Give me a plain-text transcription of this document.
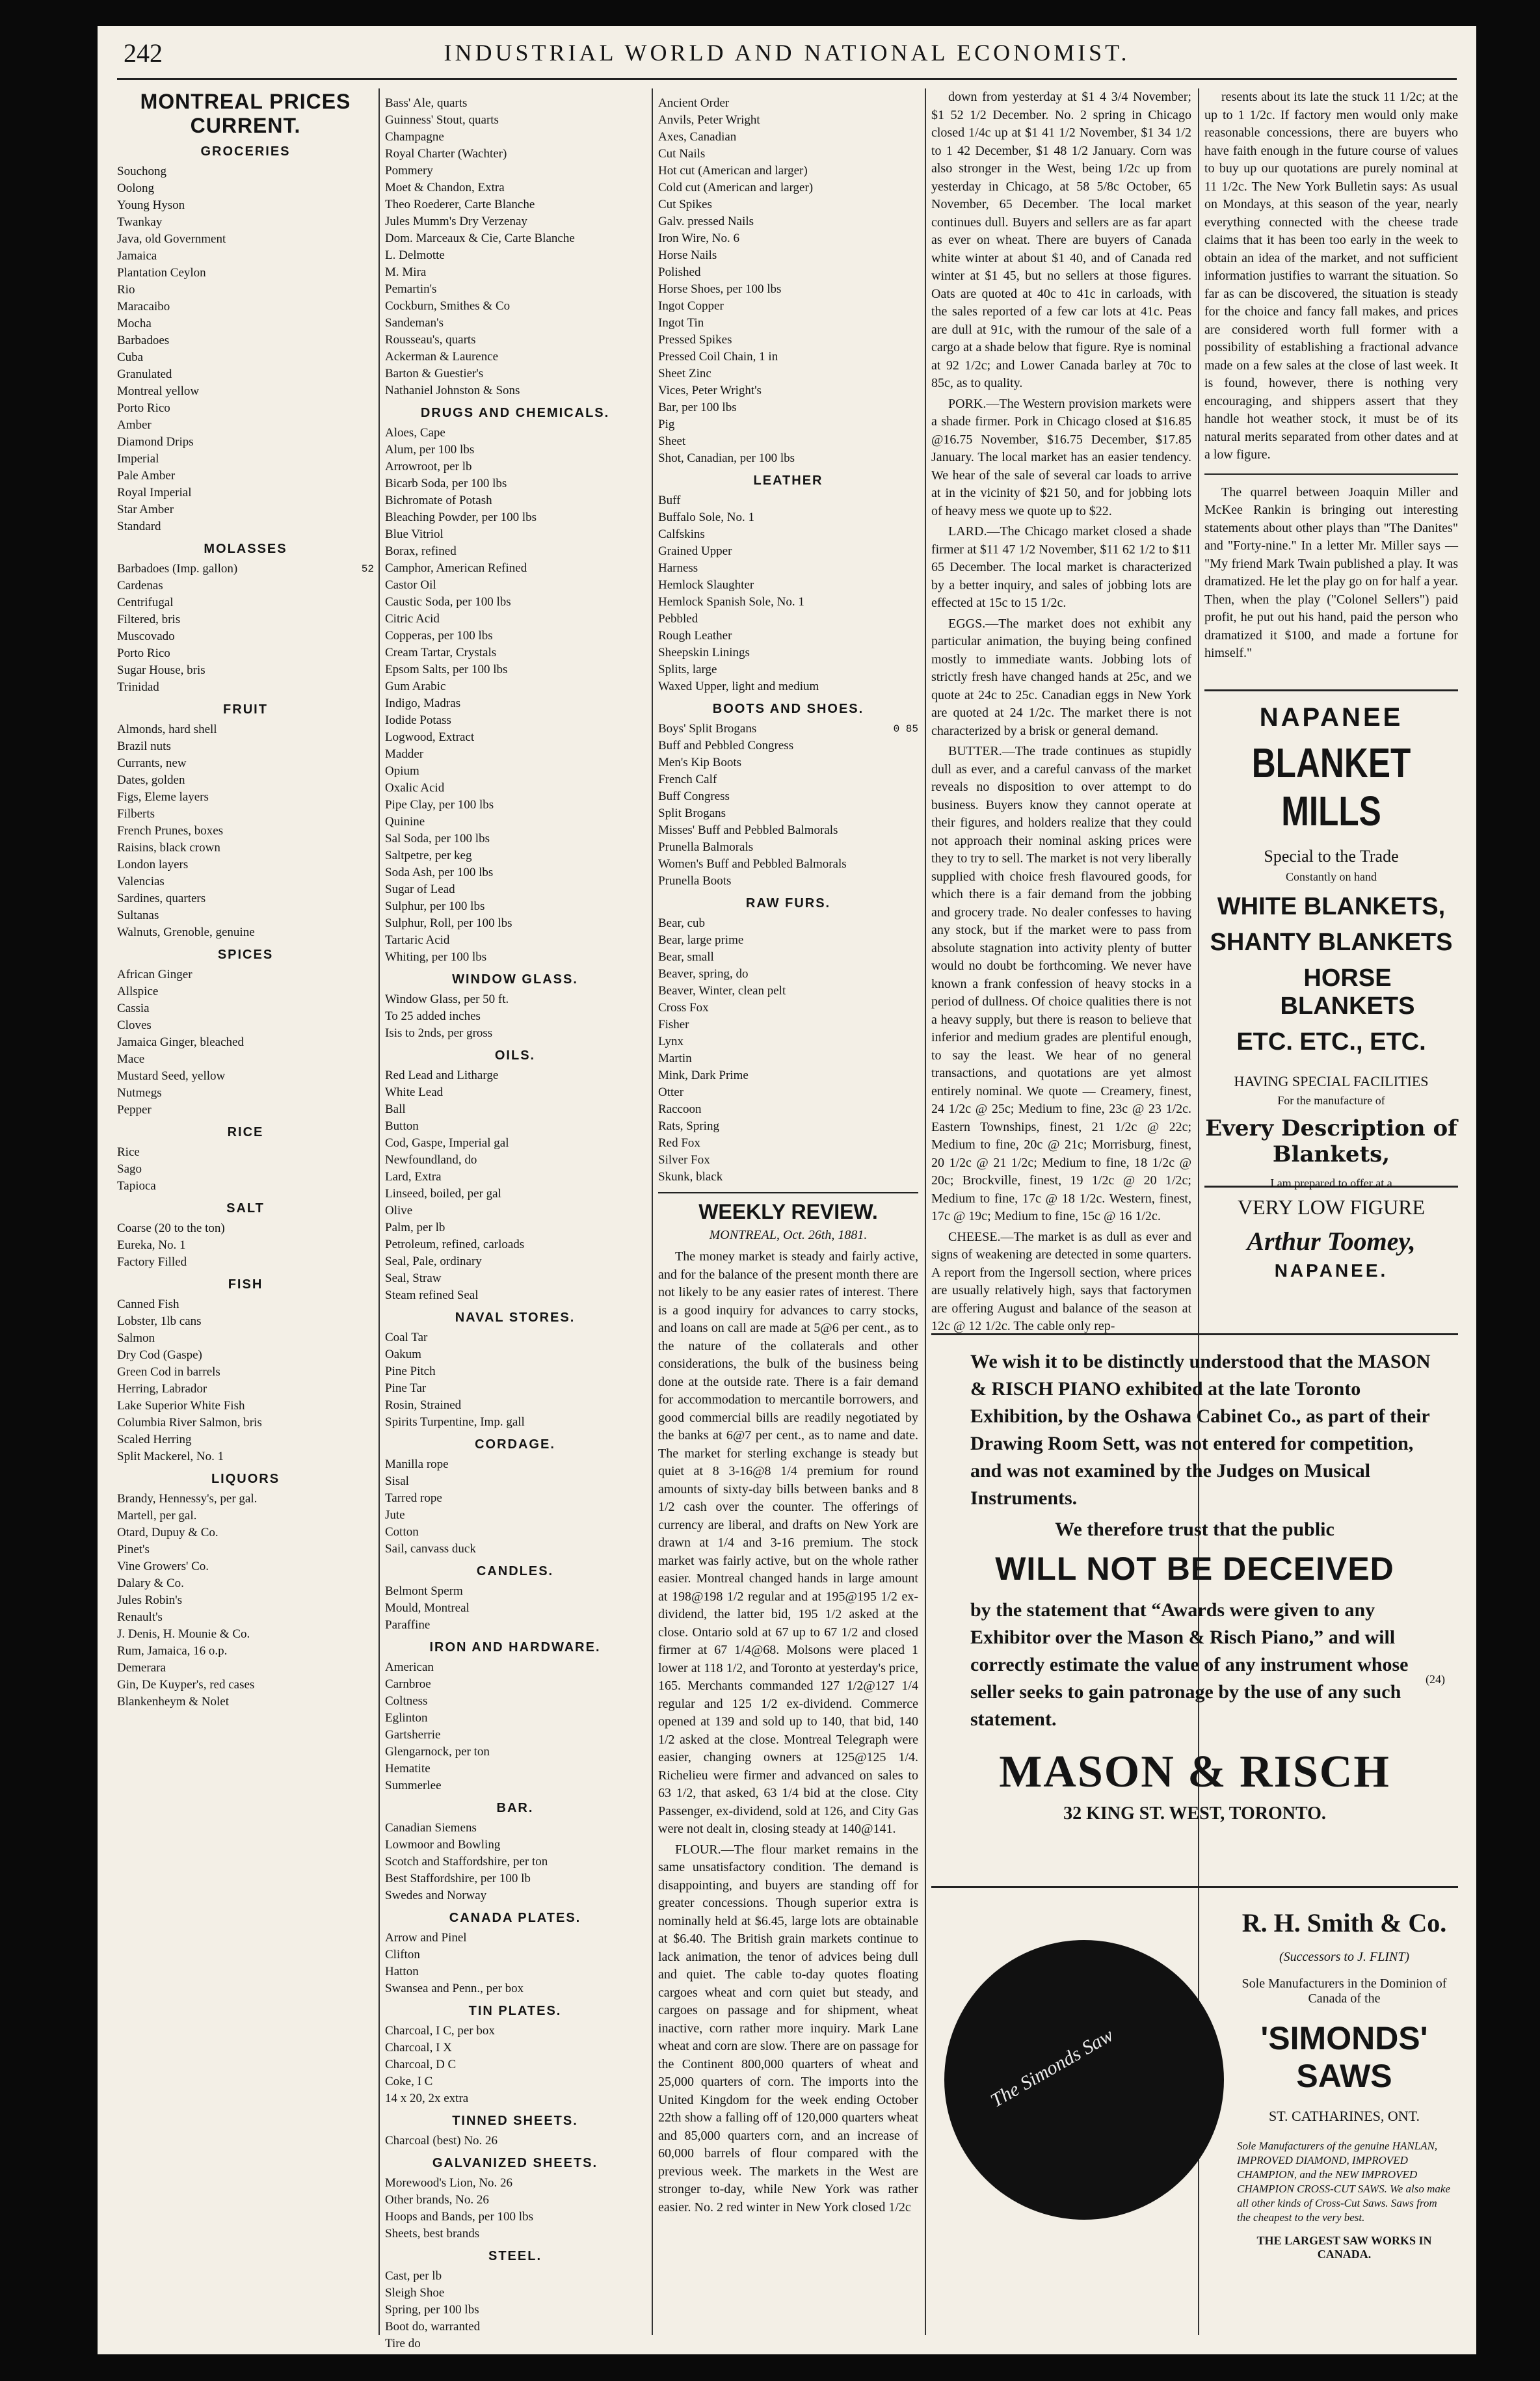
242	INDUSTRIAL WORLD AND NATIONAL ECONOMIST.
MONTREAL PRICES CURRENT.
GROCERIES
Souchong
Oolong
Young Hyson
Twankay
Java, old Government
Jamaica
Plantation Ceylon
Rio
Maracaibo
Mocha
Barbadoes
Cuba
Granulated
Montreal yellow
Porto Rico
Amber
Diamond Drips
Imperial
Pale Amber
Royal Imperial
Star Amber
Standard
MOLASSES
Barbadoes (Imp. gallon)	52
Cardenas
Centrifugal
Filtered, bris
Muscovado
Porto Rico
Sugar House, bris
Trinidad
FRUIT
Almonds, hard shell
Brazil nuts
Currants, new
Dates, golden
Figs, Eleme layers
Filberts
French Prunes, boxes
Raisins, black crown
London layers
Valencias
Sardines, quarters
Sultanas
Walnuts, Grenoble, genuine
SPICES
African Ginger
Allspice
Cassia
Cloves
Jamaica Ginger, bleached
Mace
Mustard Seed, yellow
Nutmegs
Pepper
RICE
Rice
Sago
Tapioca
SALT
Coarse (20 to the ton)
Eureka, No. 1
Factory Filled
FISH
Canned Fish
Lobster, 1lb cans
Salmon
Dry Cod (Gaspe)
Green Cod in barrels
Herring, Labrador
Lake Superior White Fish
Columbia River Salmon, bris
Scaled Herring
Split Mackerel, No. 1
LIQUORS
Brandy, Hennessy's, per gal.
Martell, per gal.
Otard, Dupuy & Co.
Pinet's
Vine Growers' Co.
Dalary & Co.
Jules Robin's
Renault's
J. Denis, H. Mounie & Co.
Rum, Jamaica, 16 o.p.
Demerara
Gin, De Kuyper's, red cases
Blankenheym & Nolet
Bass' Ale, quarts
Guinness' Stout, quarts
Champagne
Royal Charter (Wachter)
Pommery
Moet & Chandon, Extra
Theo Roederer, Carte Blanche
Jules Mumm's Dry Verzenay
Dom. Marceaux & Cie, Carte Blanche
L. Delmotte
M. Mira
Pemartin's
Cockburn, Smithes & Co
Sandeman's
Rousseau's, quarts
Ackerman & Laurence
Barton & Guestier's
Nathaniel Johnston & Sons
DRUGS AND CHEMICALS.
Aloes, Cape
Alum, per 100 lbs
Arrowroot, per lb
Bicarb Soda, per 100 lbs
Bichromate of Potash
Bleaching Powder, per 100 lbs
Blue Vitriol
Borax, refined
Camphor, American Refined
Castor Oil
Caustic Soda, per 100 lbs
Citric Acid
Copperas, per 100 lbs
Cream Tartar, Crystals
Epsom Salts, per 100 lbs
Gum Arabic
Indigo, Madras
Iodide Potass
Logwood, Extract
Madder
Opium
Oxalic Acid
Pipe Clay, per 100 lbs
Quinine
Sal Soda, per 100 lbs
Saltpetre, per keg
Soda Ash, per 100 lbs
Sugar of Lead
Sulphur, per 100 lbs
Sulphur, Roll, per 100 lbs
Tartaric Acid
Whiting, per 100 lbs
WINDOW GLASS.
Window Glass, per 50 ft.
To 25 added inches
Isis to 2nds, per gross
OILS.
Red Lead and Litharge
White Lead
Ball
Button
Cod, Gaspe, Imperial gal
Newfoundland, do
Lard, Extra
Linseed, boiled, per gal
Olive
Palm, per lb
Petroleum, refined, carloads
Seal, Pale, ordinary
Seal, Straw
Steam refined Seal
NAVAL STORES.
Coal Tar
Oakum
Pine Pitch
Pine Tar
Rosin, Strained
Spirits Turpentine, Imp. gall
CORDAGE.
Manilla rope
Sisal
Tarred rope
Jute
Cotton
Sail, canvass duck
CANDLES.
Belmont Sperm
Mould, Montreal
Paraffine
IRON AND HARDWARE.
American
Carnbroe
Coltness
Eglinton
Gartsherrie
Glengarnock, per ton
Hematite
Summerlee
BAR.
Canadian Siemens
Lowmoor and Bowling
Scotch and Staffordshire, per ton
Best Staffordshire, per 100 lb
Swedes and Norway
CANADA PLATES.
Arrow and Pinel
Clifton
Hatton
Swansea and Penn., per box
TIN PLATES.
Charcoal, I C, per box
Charcoal, I X
Charcoal, D C
Coke, I C
14 x 20, 2x extra
TINNED SHEETS.
Charcoal (best) No. 26
GALVANIZED SHEETS.
Morewood's Lion, No. 26
Other brands, No. 26
Hoops and Bands, per 100 lbs
Sheets, best brands
STEEL.
Cast, per lb
Sleigh Shoe
Spring, per 100 lbs
Boot do, warranted
Tire do
Ancient Order
Anvils, Peter Wright
Axes, Canadian
Cut Nails
Hot cut (American and larger)
Cold cut (American and larger)
Cut Spikes
Galv. pressed Nails
Iron Wire, No. 6
Horse Nails
Polished
Horse Shoes, per 100 lbs
Ingot Copper
Ingot Tin
Pressed Spikes
Pressed Coil Chain, 1 in
Sheet Zinc
Vices, Peter Wright's
Bar, per 100 lbs
Pig
Sheet
Shot, Canadian, per 100 lbs
LEATHER
Buff
Buffalo Sole, No. 1
Calfskins
Grained Upper
Harness
Hemlock Slaughter
Hemlock Spanish Sole, No. 1
Pebbled
Rough Leather
Sheepskin Linings
Splits, large
Waxed Upper, light and medium
BOOTS AND SHOES.
Boys' Split Brogans	0 85
Buff and Pebbled Congress
Men's Kip Boots
French Calf
Buff Congress
Split Brogans
Misses' Buff and Pebbled Balmorals
Prunella Balmorals
Women's Buff and Pebbled Balmorals
Prunella Boots
RAW FURS.
Bear, cub
Bear, large prime
Bear, small
Beaver, spring, do
Beaver, Winter, clean pelt
Cross Fox
Fisher
Lynx
Martin
Mink, Dark Prime
Otter
Raccoon
Rats, Spring
Red Fox
Silver Fox
Skunk, black
WEEKLY REVIEW.
MONTREAL, Oct. 26th, 1881.

The money market is steady and fairly active, and for the balance of the present month there are not likely to be any easier rates of interest. There is a good inquiry for advances to carry stocks, and loans on call are made at 5@6 per cent., as to the nature of the collaterals and other considerations, the bulk of the business being done at the outside rate. There is a fair demand for accommodation to mercantile borrowers, and good commercial bills are readily negotiated by the banks at 6@7 per cent., as to name and date. The market for sterling exchange is steady but quiet at 8 3-16@8 1/4 premium for round amounts of sixty-day bills between banks and 8 1/2 cash over the counter. The offerings of currency are liberal, and drafts on New York are drawn at 1/4 and 3-16 premium. The stock market was fairly active, but on the whole rather easier. Montreal changed hands in large amount at 198@198 1/2 regular and at 195@195 1/2 ex-dividend, the latter bid, 195 1/2 asked at the close. Ontario sold at 67 up to 67 1/2 and closed firmer at 67 1/4@68. Molsons were placed 1 lower at 118 1/2, and Toronto at yesterday's price, 165. Merchants commanded 127 1/2@127 1/4 regular and 125 1/2 ex-dividend. Commerce opened at 139 and sold up to 140, that bid, 140 1/2 asked at the close. Montreal Telegraph were easier, changing owners at 125@125 1/4. Richelieu were firmer and advanced on sales to 63 1/2, that asked, 63 1/4 bid at the close. City Passenger, ex-dividend, sold at 126, and City Gas were not dealt in, closing steady at 140@141.

FLOUR.—The flour market remains in the same unsatisfactory condition. The demand is disappointing, and buyers are standing off for greater concessions. Though superior extra is nominally held at $6.45, large lots are obtainable at $6.40. The British grain markets continue to lack animation, the tenor of advices being dull and quiet. The cable to-day quotes floating cargoes wheat and corn quiet but steady, and cargoes on passage and for shipment, wheat inactive, corn rather more inquiry. Mark Lane wheat and corn are slow. There are on passage for the Continent 800,000 quarters of wheat and 25,000 quarters of corn. The imports into the United Kingdom for the week ending October 22th show a falling off of 120,000 quarters wheat and 85,000 quarters corn, and an increase of 60,000 barrels of flour compared with the previous week. The markets in the West are stronger to-day, while New York was rather easier. No. 2 red winter in New York closed 1/2c

down from yesterday at $1 4 3/4 November; $1 52 1/2 December. No. 2 spring in Chicago closed 1/4c up at $1 41 1/2 November, $1 34 1/2 to 1 42 December, $1 48 1/2 January. Corn was also stronger in the West, being 1/2c up from yesterday in Chicago, at 58 5/8c October, 65 November, 65 December. The local market continues dull. Buyers and sellers are as far apart as ever on wheat. There are buyers of Canada white winter at about $1 40, and of Canada red winter at $1 45, but no sellers at those figures. Oats are quoted at 40c to 41c in carloads, with the sales reported of a few car lots at 41c. Peas are dull at 91c, with the rumour of the sale of a cargo at a shade below that figure. Rye is nominal at 92 1/2c; and Lower Canada barley at 70c to 85c, as to quality.

PORK.—The Western provision markets were a shade firmer. Pork in Chicago closed at $16.85 @16.75 November, $16.75 December, $17.85 January. The local market has an easier tendency. We hear of the sale of several car loads to arrive at in the vicinity of $21 50, and for jobbing lots of heavy mess we quote up to $22.

LARD.—The Chicago market closed a shade firmer at $11 47 1/2 November, $11 62 1/2 to $11 65 December. The local market is characterized by a better inquiry, and sales of jobbing lots are effected at 15c to 15 1/2c.

EGGS.—The market does not exhibit any particular animation, the buying being confined mostly to immediate wants. Jobbing lots of strictly fresh have changed hands at 25c, and we quote at 24c to 25c. Canadian eggs in New York are quoted at 24 1/2c. The market there is not characterized by a brisk or general demand.

BUTTER.—The trade continues as stupidly dull as ever, and a careful canvass of the market reveals no disposition to over attempt to do business. Buyers know they cannot operate at their figures, and holders realize that they could not approach their nominal asking prices were they to try to sell. The market is not very liberally supplied with choice fresh flavoured goods, for which there is a fair demand from the jobbing and grocery trade. No dealer confesses to having any stock, but if the market were to pass from absolute stagnation into activity plenty of butter would no doubt be forthcoming. We never have known a frank confession of heavy stocks in a period of dullness. Of choice qualities there is not a heavy supply, but there is reason to believe that inferior and medium grades are plentiful enough, to say the least. We hear of no general transactions, and quotations are yet almost entirely nominal. We quote — Creamery, finest, 24 1/2c @ 25c; Medium to fine, 23c @ 23 1/2c. Eastern Townships, finest, 21 1/2c @ 22c; Medium to fine, 20c @ 21c; Morrisburg, finest, 20 1/2c @ 21 1/2c; Medium to fine, 18 1/2c @ 20c; Brockville, finest, 19 1/2c @ 20 1/2c; Medium to fine, 17c @ 18 1/2c. Western, finest, 17c @ 19c; Medium to fine, 15c @ 16 1/2c.

CHEESE.—The market is as dull as ever and signs of weakening are detected in some quarters. A report from the Ingersoll section, where prices are usually relatively high, says that factorymen are offering August and balance of the season at 12c @ 12 1/2c. The cable only rep-

resents about its late the stuck 11 1/2c; at the up to 1 1/2c. If factory men would only make reasonable concessions, there are buyers who have faith enough in the future course of values to buy up our quotations are purely nominal at 11 1/2c. The New York Bulletin says: As usual on Mondays, at this season of the year, nearly everything connected with the cheese trade claims that it has been too early in the week to obtain an idea of the market, and not sufficient information justifies to warrant the situation. So far as can be discovered, the situation is steady for the choice and fancy fall makes, and prices are considered worth full former with a possibility of establishing a fractional advance made on a few sales at the close of last week. It is found, however, there is nothing very encouraging, and shippers assert that they handle hot weather stock, it must be of its natural merits separated from other dates and at a low figure.

The quarrel between Joaquin Miller and McKee Rankin is bringing out interesting statements about other plays than "The Danites" and "Forty-nine." In a letter Mr. Miller says — "My friend Mark Twain published a play. It was dramatized. He let the play go on for half a year. Then, when the play ("Colonel Sellers") paid profit, he put out his hand, paid the person who dramatized it $100, and made a fortune for himself."

NAPANEE
BLANKET MILLS
Special to the Trade
Constantly on hand
WHITE BLANKETS,
SHANTY BLANKETS
HORSE BLANKETS
ETC. ETC., ETC.
HAVING SPECIAL FACILITIES
For the manufacture of
Every Description of Blankets,
I am prepared to offer at a
VERY LOW FIGURE
Arthur Toomey,
NAPANEE.
We wish it to be distinctly understood that the MASON & RISCH PIANO exhibited at the late Toronto Exhibition, by the Oshawa Cabinet Co., as part of their Drawing Room Sett, was not entered for competition, and was not examined by the Judges on Musical Instruments.
We therefore trust that the public
WILL NOT BE DECEIVED
by the statement that “Awards were given to any Exhibitor over the Mason & Risch Piano,” and will correctly estimate the value of any instrument whose seller seeks to gain patronage by the use of any such statement.
MASON & RISCH
32 KING ST. WEST, TORONTO.
(24)
The Simonds Saw
R. H. Smith & Co.
(Successors to J. FLINT)
Sole Manufacturers in the Dominion of Canada of the
'SIMONDS' SAWS
ST. CATHARINES, ONT.
Sole Manufacturers of the genuine HANLAN, IMPROVED DIAMOND, IMPROVED CHAMPION, and the NEW IMPROVED CHAMPION CROSS-CUT SAWS. We also make all other kinds of Cross-Cut Saws. Saws from the cheapest to the very best.
THE LARGEST SAW WORKS IN CANADA.
